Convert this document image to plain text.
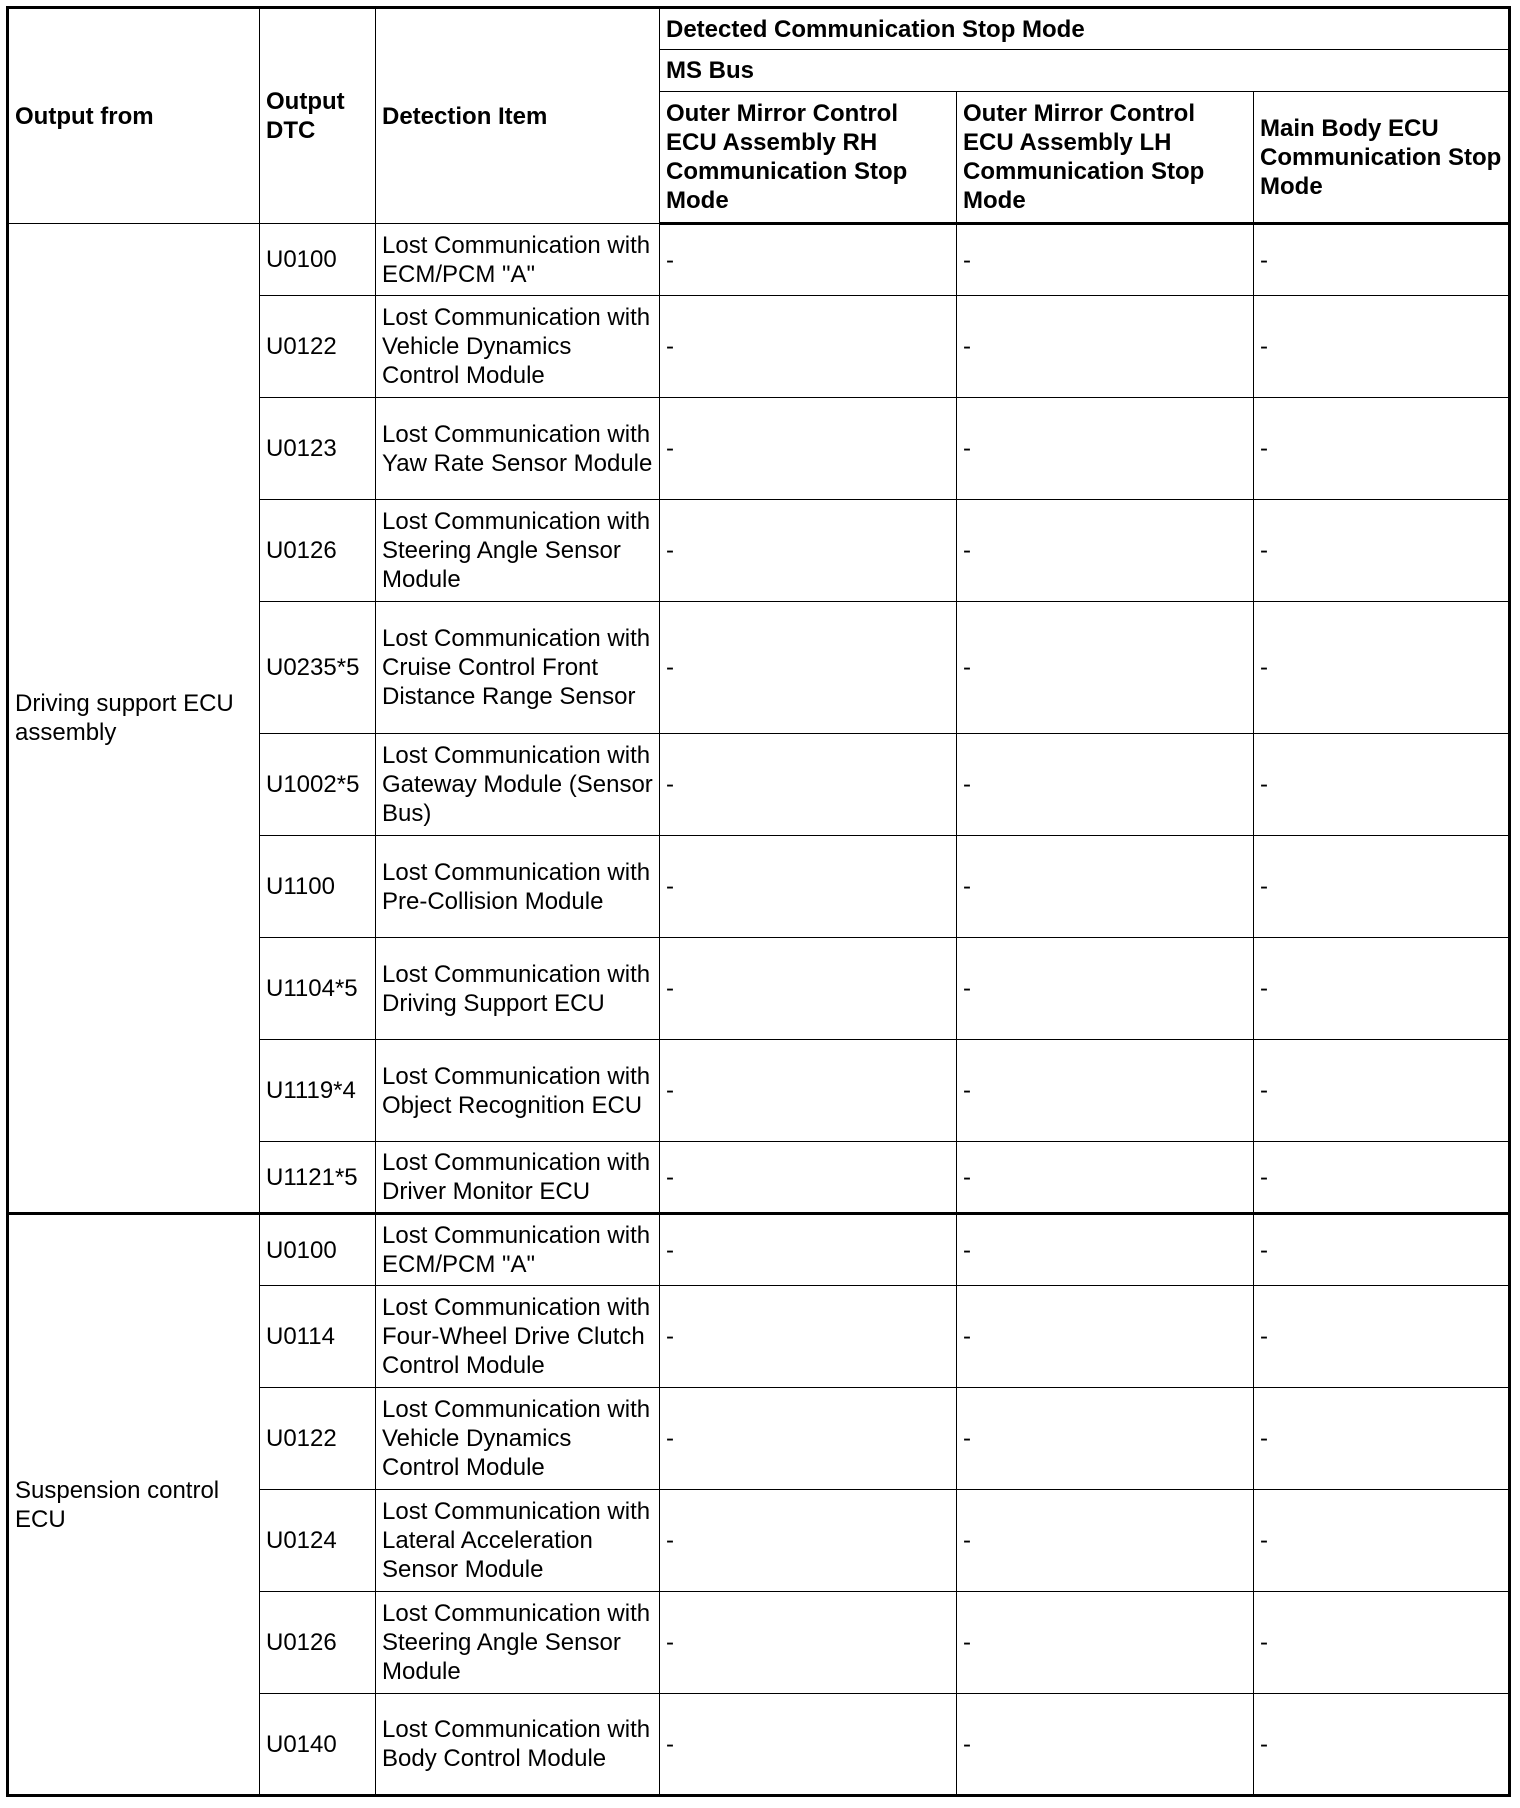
Output from	Output DTC	Detection Item	Detected Communication Stop Mode		
			MS Bus		
			Outer Mirror Control ECU Assembly RH Communication Stop Mode	Outer Mirror Control ECU Assembly LH Communication Stop Mode	Main Body ECU Communication Stop Mode
Driving support ECU assembly	U0100	Lost Communication with ECM/PCM "A"	-	-	-
	U0122	Lost Communication with Vehicle Dynamics Control Module	-	-	-
	U0123	Lost Communication with Yaw Rate Sensor Module	-	-	-
	U0126	Lost Communication with Steering Angle Sensor Module	-	-	-
	U0235*5	Lost Communication with Cruise Control Front Distance Range Sensor	-	-	-
	U1002*5	Lost Communication with Gateway Module (Sensor Bus)	-	-	-
	U1100	Lost Communication with Pre-Collision Module	-	-	-
	U1104*5	Lost Communication with Driving Support ECU	-	-	-
	U1119*4	Lost Communication with Object Recognition ECU	-	-	-
	U1121*5	Lost Communication with Driver Monitor ECU	-	-	-
Suspension control ECU	U0100	Lost Communication with ECM/PCM "A"	-	-	-
	U0114	Lost Communication with Four-Wheel Drive Clutch Control Module	-	-	-
	U0122	Lost Communication with Vehicle Dynamics Control Module	-	-	-
	U0124	Lost Communication with Lateral Acceleration Sensor Module	-	-	-
	U0126	Lost Communication with Steering Angle Sensor Module	-	-	-
	U0140	Lost Communication with Body Control Module	-	-	-
